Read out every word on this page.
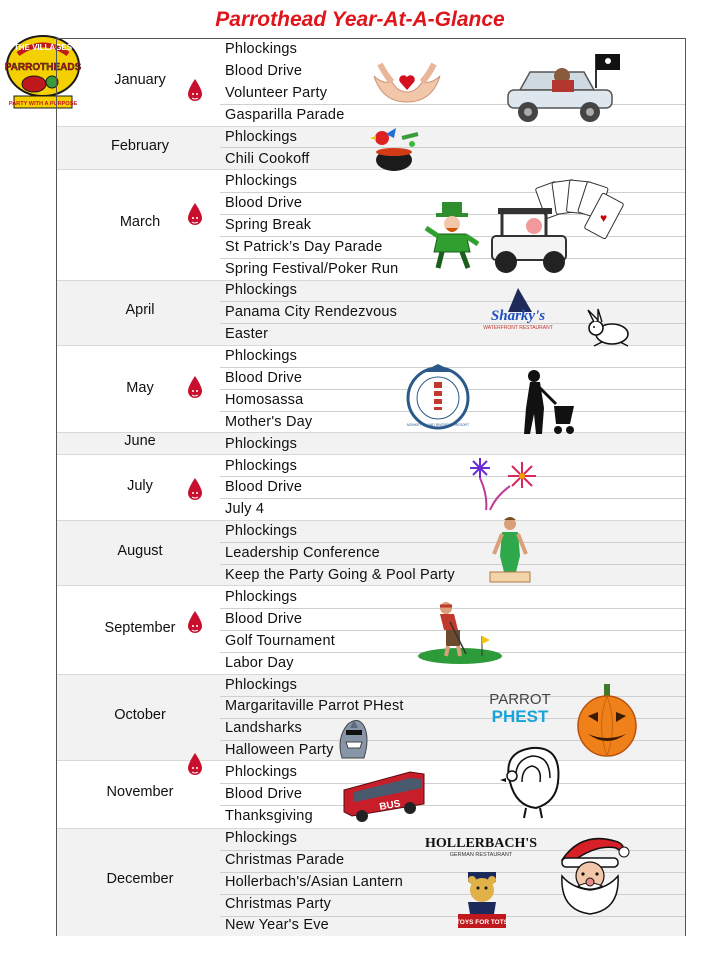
Parrothead Year-At-A-Glance
THE VILLAGES
PARROTHEADS
PARTY WITH A PURPOSE
January
February
March
April
May
June
July
August
September
October
November
December
Phlockings
Blood Drive
Volunteer Party
Gasparilla Parade
Phlockings
Chili Cookoff
Phlockings
Blood Drive
Spring Break
St Patrick’s Day Parade
Spring Festival/Poker Run
Phlockings
Panama City Rendezvous
Easter
Phlockings
Blood Drive
Homosassa
Mother's Day
Phlockings
Phlockings
Blood Drive
July 4
Phlockings
Leadership Conference
Keep the Party Going & Pool Party
Phlockings
Blood Drive
Golf Tournament
Labor Day
Phlockings
Margaritaville Parrot PHest
Landsharks
Halloween Party
Phlockings
Blood Drive
Thanksgiving
Phlockings
Christmas Parade
Hollerbach's/Asian Lantern
Christmas Party
New Year's Eve
♥
Sharky's
WATERFRONT RESTAURANT
MONKEY ISLAND RIVERSIDE RESORT
PARROT
PHEST
BUS
HOLLERBACH'S
GERMAN RESTAURANT
TOYS FOR TOTS
